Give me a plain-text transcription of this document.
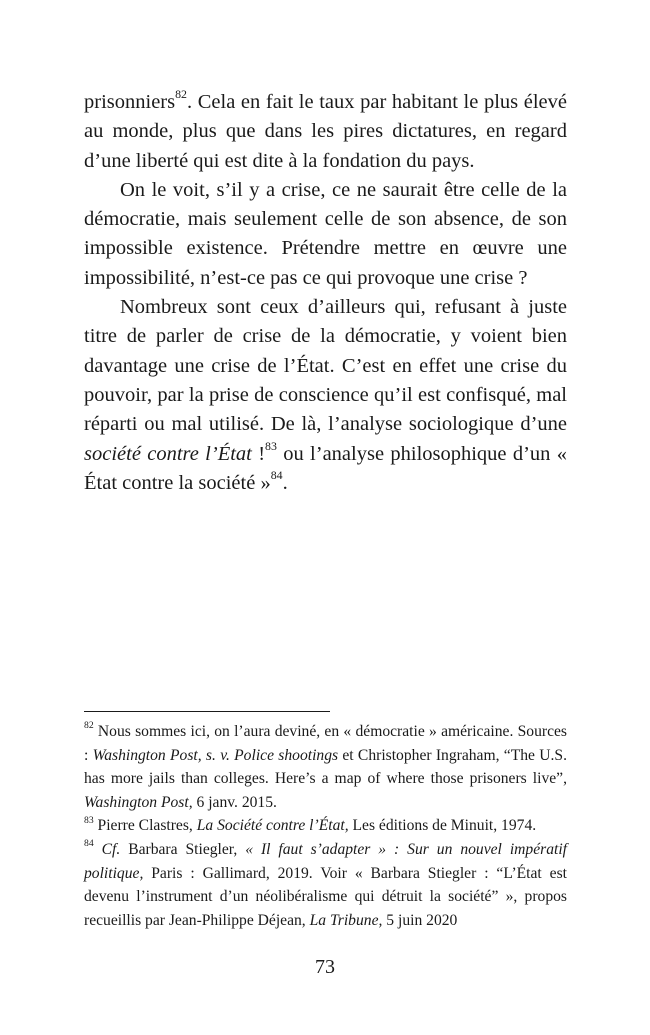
prisonniers$^{82}$. Cela en fait le taux par habitant le plus élevé au monde, plus que dans les pires dictatures, en regard d’une liberté qui est dite à la fondation du pays.

On le voit, s’il y a crise, ce ne saurait être celle de la démocratie, mais seulement celle de son absence, de son impossible existence. Prétendre mettre en œuvre une impossibilité, n’est-ce pas ce qui provoque une crise ?

Nombreux sont ceux d’ailleurs qui, refusant à juste titre de parler de crise de la démocratie, y voient bien davantage une crise de l’État. C’est en effet une crise du pouvoir, par la prise de conscience qu’il est confisqué, mal réparti ou mal utilisé. De là, l’analyse sociologique d’une société contre l’État !$^{83}$ ou l’analyse philosophique d’un « État contre la société »$^{84}$.

$^{82}$ Nous sommes ici, on l’aura deviné, en « démocratie » américaine. Sources : Washington Post, s. v. Police shootings et Christopher Ingraham, “The U.S. has more jails than colleges. Here’s a map of where those prisoners live”, Washington Post, 6 janv. 2015.

$^{83}$ Pierre Clastres, La Société contre l’État, Les éditions de Minuit, 1974.

$^{84}$ Cf. Barbara Stiegler, « Il faut s’adapter » : Sur un nouvel impératif politique, Paris : Gallimard, 2019. Voir « Barbara Stiegler : “L’État est devenu l’instrument d’un néolibéralisme qui détruit la société” », propos recueillis par Jean-Philippe Déjean, La Tribune, 5 juin 2020

73
